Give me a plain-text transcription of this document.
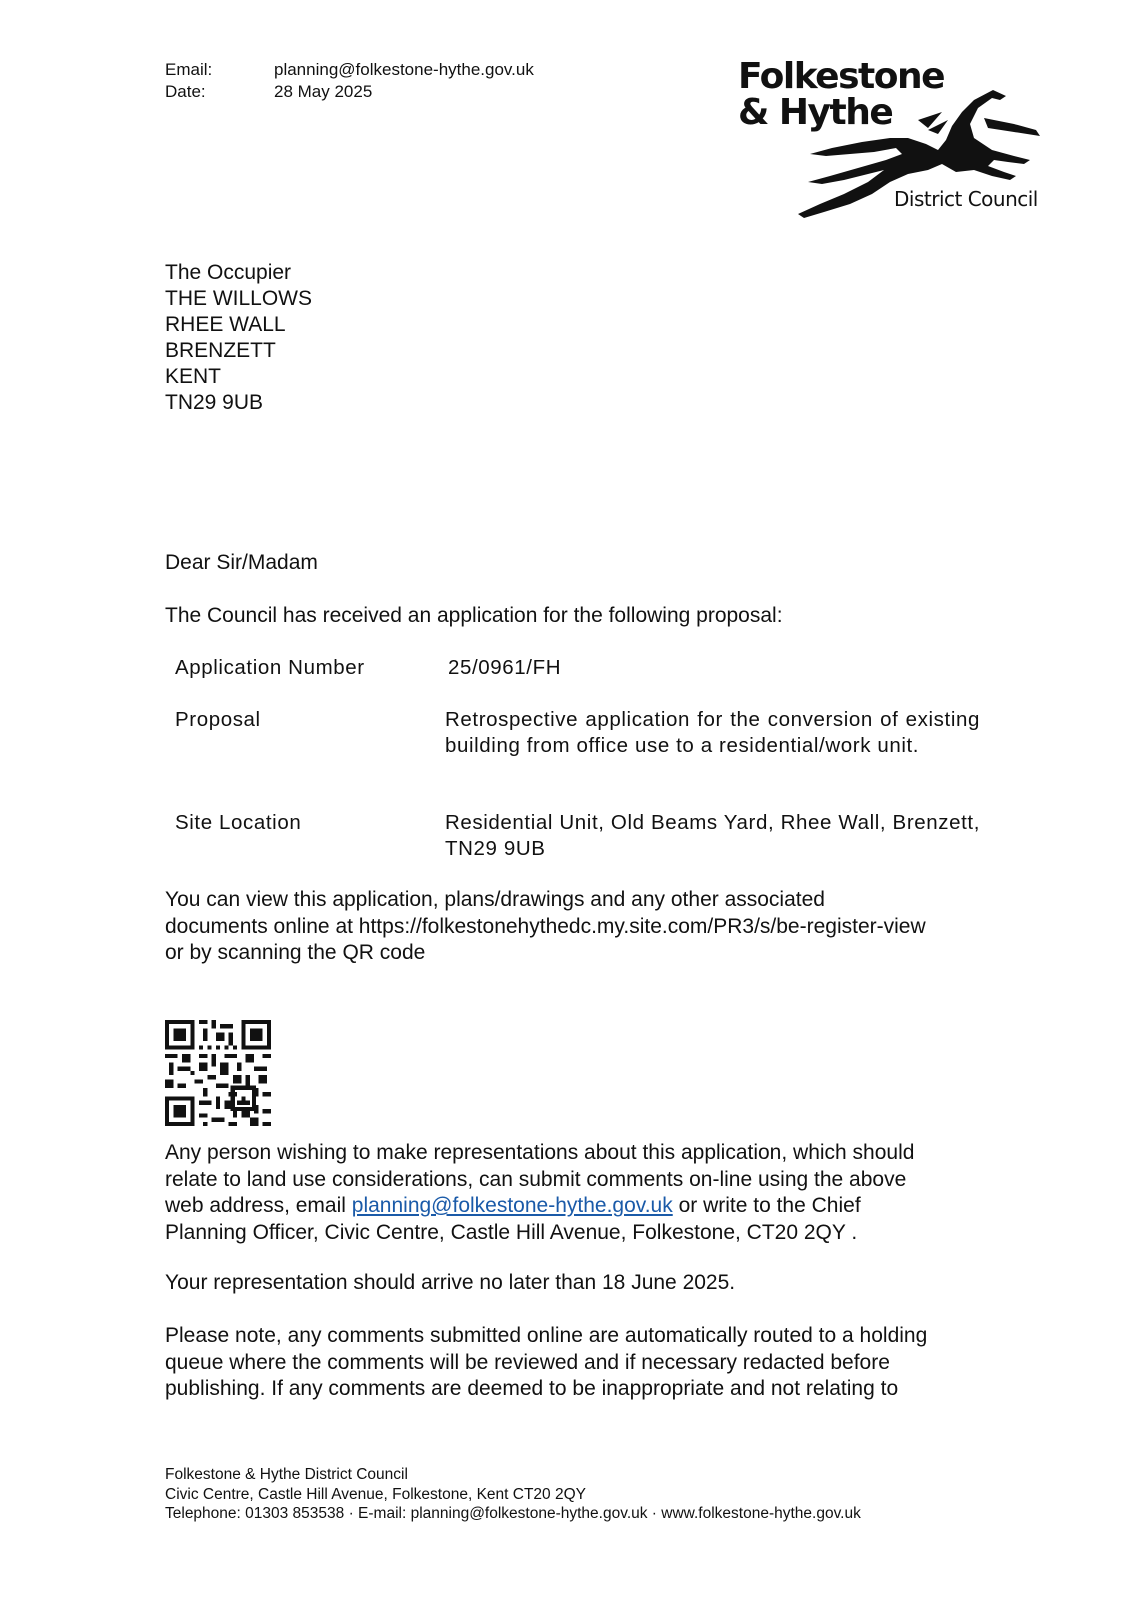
Email:	planning@folkestone-hythe.gov.uk
Date:	28 May 2025	Folkestone
& Hythe
District Council
The Occupier
THE WILLOWS
RHEE WALL
BRENZETT
KENT
TN29 9UB
Dear Sir/Madam
The Council has received an application for the following proposal:
Application Number	25/0961/FH
Proposal	Retrospective application for the conversion of existing building from office use to a residential/work unit.
Site Location	Residential Unit, Old Beams Yard, Rhee Wall, Brenzett, TN29 9UB

You can view this application, plans/drawings and any other associated

documents online at https://folkestonehythedc.my.site.com/PR3/s/be-register-view

or by scanning the QR code

Any person wishing to make representations about this application, which should

relate to land use considerations, can submit comments on-line using the above

web address, email planning@folkestone-hythe.gov.uk or write to the Chief

Planning Officer, Civic Centre, Castle Hill Avenue, Folkestone, CT20 2QY .

Your representation should arrive no later than 18 June 2025.

Please note, any comments submitted online are automatically routed to a holding

queue where the comments will be reviewed and if necessary redacted before

publishing. If any comments are deemed to be inappropriate and not relating to

Folkestone & Hythe District Council
Civic Centre, Castle Hill Avenue, Folkestone, Kent CT20 2QY
Telephone: 01303 853538 · E-mail: planning@folkestone-hythe.gov.uk · www.folkestone-hythe.gov.uk
